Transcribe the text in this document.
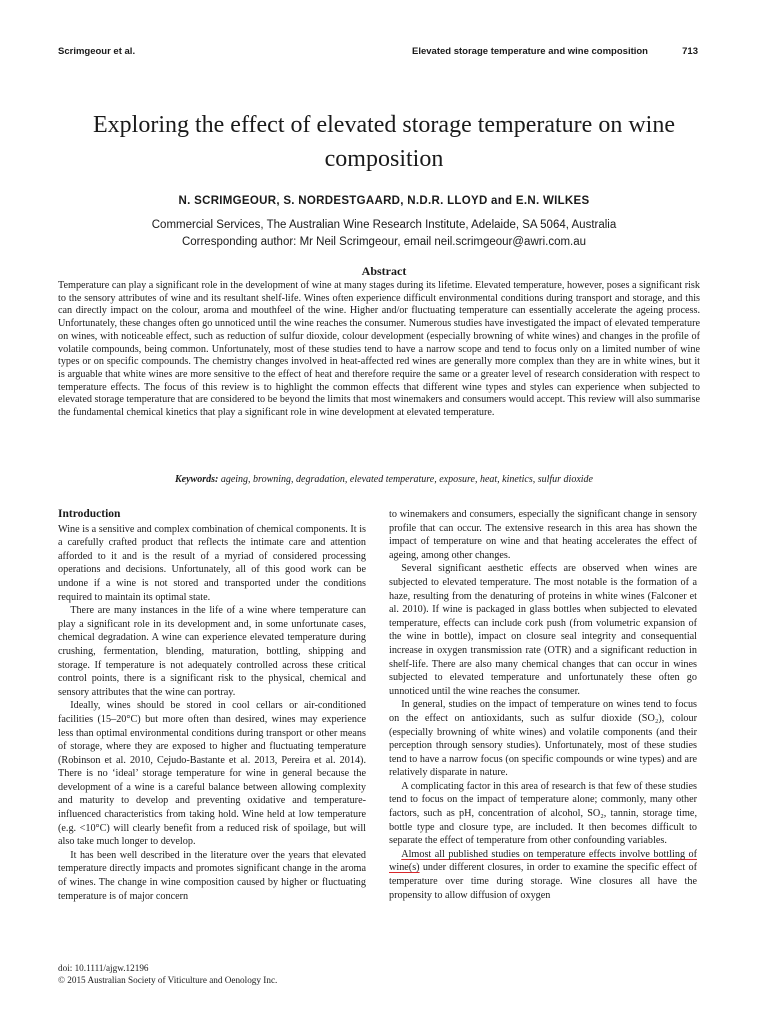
Scrimgeour et al.	Elevated storage temperature and wine composition	713
Exploring the effect of elevated storage temperature on wine composition
N. SCRIMGEOUR, S. NORDESTGAARD, N.D.R. LLOYD and E.N. WILKES
Commercial Services, The Australian Wine Research Institute, Adelaide, SA 5064, Australia
Corresponding author: Mr Neil Scrimgeour, email neil.scrimgeour@awri.com.au
Abstract
Temperature can play a significant role in the development of wine at many stages during its lifetime. Elevated temperature, however, poses a significant risk to the sensory attributes of wine and its resultant shelf-life. Wines often experience difficult environmental conditions during transport and storage, and this can directly impact on the colour, aroma and mouthfeel of the wine. Higher and/or fluctuating temperature can essentially accelerate the ageing process. Unfortunately, these changes often go unnoticed until the wine reaches the consumer. Numerous studies have investigated the impact of elevated temperature on wines, with noticeable effect, such as reduction of sulfur dioxide, colour development (especially browning of white wines) and changes in the profile of volatile compounds, being common. Unfortunately, most of these studies tend to have a narrow scope and tend to focus only on a limited number of wine types or on specific compounds. The chemistry changes involved in heat-affected red wines are generally more complex than they are in white wines, but it is arguable that white wines are more sensitive to the effect of heat and therefore require the same or a greater level of research consideration with respect to temperature effects. The focus of this review is to highlight the common effects that different wine types and styles can experience when subjected to elevated storage temperature that are considered to be beyond the limits that most winemakers and consumers would accept. This review will also summarise the fundamental chemical kinetics that play a significant role in wine development at elevated temperature.
Keywords: ageing, browning, degradation, elevated temperature, exposure, heat, kinetics, sulfur dioxide
Introduction

Wine is a sensitive and complex combination of chemical components. It is a carefully crafted product that reflects the intimate care and attention afforded to it and is the result of a myriad of considered processing operations and decisions. Unfortunately, all of this good work can be undone if a wine is not stored and transported under the conditions required to maintain its optimal state.

There are many instances in the life of a wine where temperature can play a significant role in its development and, in some unfortunate cases, chemical degradation. A wine can experience elevated temperature during crushing, fermentation, blending, maturation, bottling, shipping and storage. If temperature is not adequately controlled across these critical control points, there is a significant risk to the physical, chemical and sensory attributes that the wine can portray.

Ideally, wines should be stored in cool cellars or air-conditioned facilities (15–20°C) but more often than desired, wines may experience less than optimal environmental conditions during transport or other means of storage, where they are exposed to higher and fluctuating temperature (Robinson et al. 2010, Cejudo-Bastante et al. 2013, Pereira et al. 2014). There is no ‘ideal’ storage temperature for wine in general because the development of a wine is a careful balance between allowing complexity and maturity to develop and preventing oxidative and temperature-influenced characteristics from taking hold. Wine held at low temperature (e.g. <10°C) will clearly benefit from a reduced risk of spoilage, but will also take much longer to develop.

It has been well described in the literature over the years that elevated temperature directly impacts and promotes significant change in the aroma of wines. The change in wine composition caused by higher or fluctuating temperature is of major concern

to winemakers and consumers, especially the significant change in sensory profile that can occur. The extensive research in this area has shown the impact of temperature on wine and that heating accelerates the effect of ageing, among other changes.

Several significant aesthetic effects are observed when wines are subjected to elevated temperature. The most notable is the formation of a haze, resulting from the denaturing of proteins in white wines (Falconer et al. 2010). If wine is packaged in glass bottles when subjected to elevated temperature, effects can include cork push (from volumetric expansion of the wine in bottle), impact on closure seal integrity and consequential increase in oxygen transmission rate (OTR) and a significant reduction in shelf-life. There are also many chemical changes that can occur in wines subjected to elevated temperature and unfortunately these often go unnoticed until the wine reaches the consumer.

In general, studies on the impact of temperature on wines tend to focus on the effect on antioxidants, such as sulfur dioxide (SO₂), colour (especially browning of white wines) and volatile components (and their perception through sensory studies). Unfortunately, most of these studies tend to have a narrow focus (on specific compounds or wine types) and are relatively disparate in nature.

A complicating factor in this area of research is that few of these studies tend to focus on the impact of temperature alone; commonly, many other factors, such as pH, concentration of alcohol, SO₂, tannin, storage time, bottle type and closure type, are included. It then becomes difficult to separate the effect of temperature from other confounding variables.

Almost all published studies on temperature effects involve bottling of wine(s) under different closures, in order to examine the specific effect of temperature over time during storage. Wine closures all have the propensity to allow diffusion of oxygen

doi: 10.1111/ajgw.12196
© 2015 Australian Society of Viticulture and Oenology Inc.
